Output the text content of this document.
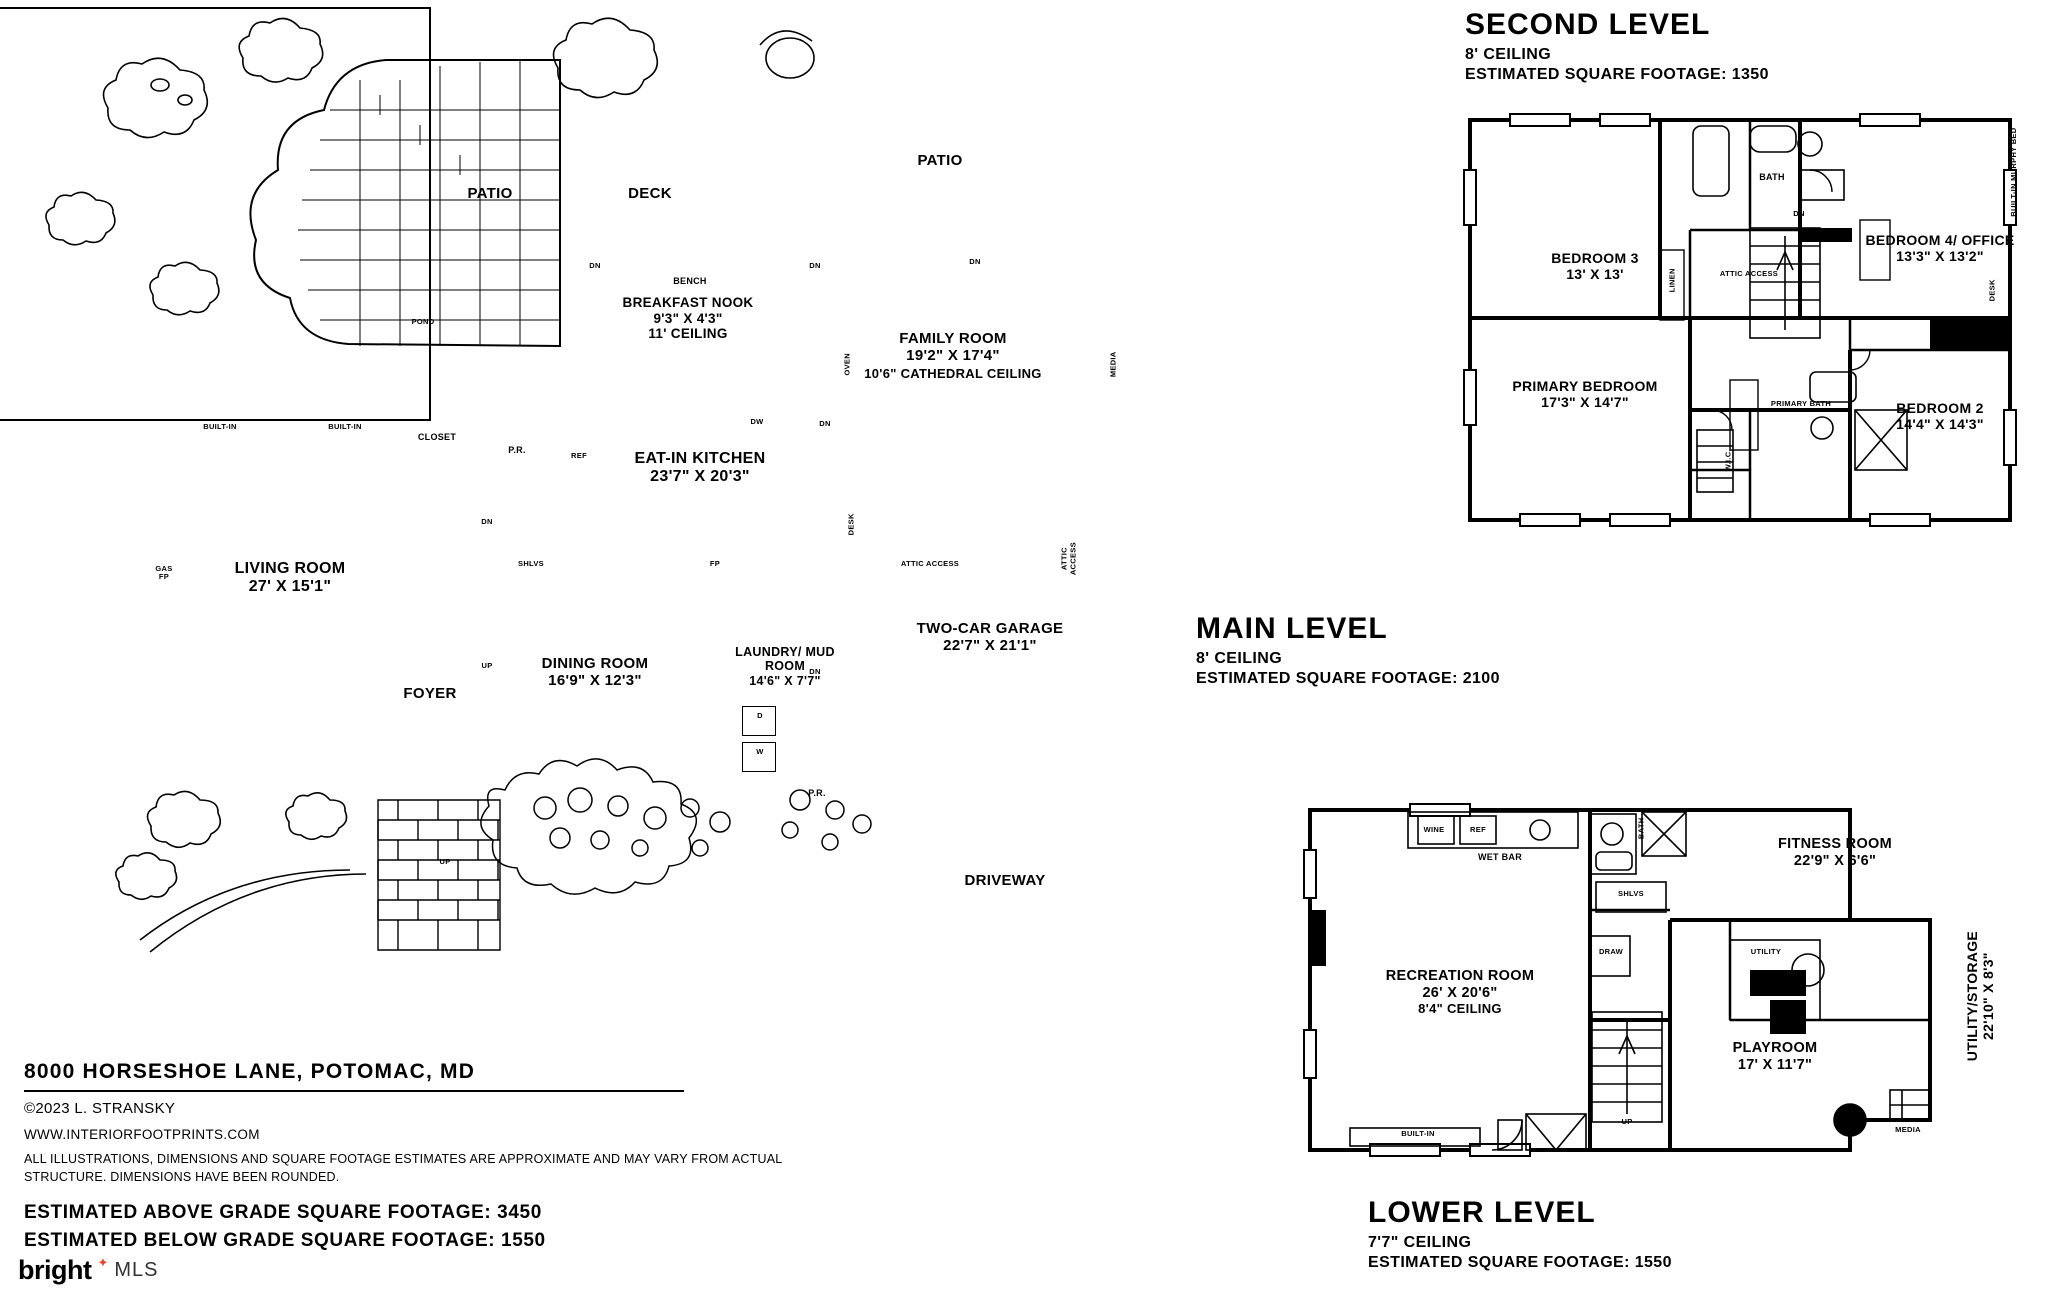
PATIO	DECK
PATIO
BREAKFAST NOOK
9'3" X 4'3"
11' CEILING
BENCH
FAMILY ROOM
19'2" X 17'4"
10'6" CATHEDRAL CEILING
EAT-IN KITCHEN
23'7" X 20'3"
LIVING ROOM
27' X 15'1"
DINING ROOM
16'9" X 12'3"
FOYER
LAUNDRY/ MUD ROOM
14'6" X 7'7"
TWO-CAR GARAGE
22'7" X 21'1"
DRIVEWAY
CLOSET
P.R.
P.R.
POND
BUILT-IN	BUILT-IN
GAS FP
FP
REF
DW
OVEN
DESK
MEDIA
SHLVS	ATTIC ACCESS	ATTIC ACCESS
UP
DN
DN	DN	DN
DN
DN
D
W
UP
MAIN LEVEL
8' CEILING
ESTIMATED SQUARE FOOTAGE: 2100
SECOND LEVEL
8' CEILING
ESTIMATED SQUARE FOOTAGE: 1350
BEDROOM 3
13' X 13'
BEDROOM 4/ OFFICE
13'3" X 13'2"
PRIMARY BEDROOM
17'3" X 14'7"	BEDROOM 2
14'4" X 14'3"
BATH
PRIMARY BATH
W.I.C.
LINEN	ATTIC ACCESS
BUILT-IN MURPHY BED
DESK
DN
WET BAR
WINE	REF	BATH
SHLVS
DRAW	UTILITY
BUILT-IN	MEDIA
GAS FP
UP
RECREATION ROOM
26' X 20'6"
8'4" CEILING
FITNESS ROOM
22'9" X 6'6"
PLAYROOM
17' X 11'7"
UTILITY/STORAGE
22'10" X 8'3"
LOWER LEVEL
7'7" CEILING
ESTIMATED SQUARE FOOTAGE: 1550
8000 HORSESHOE LANE, POTOMAC, MD
©2023 L. STRANSKY
WWW.INTERIORFOOTPRINTS.COM
ALL ILLUSTRATIONS, DIMENSIONS AND SQUARE FOOTAGE ESTIMATES ARE APPROXIMATE AND MAY VARY FROM ACTUAL STRUCTURE. DIMENSIONS HAVE BEEN ROUNDED.
ESTIMATED ABOVE GRADE SQUARE FOOTAGE: 3450
ESTIMATED BELOW GRADE SQUARE FOOTAGE: 1550
bright ✦ MLS
